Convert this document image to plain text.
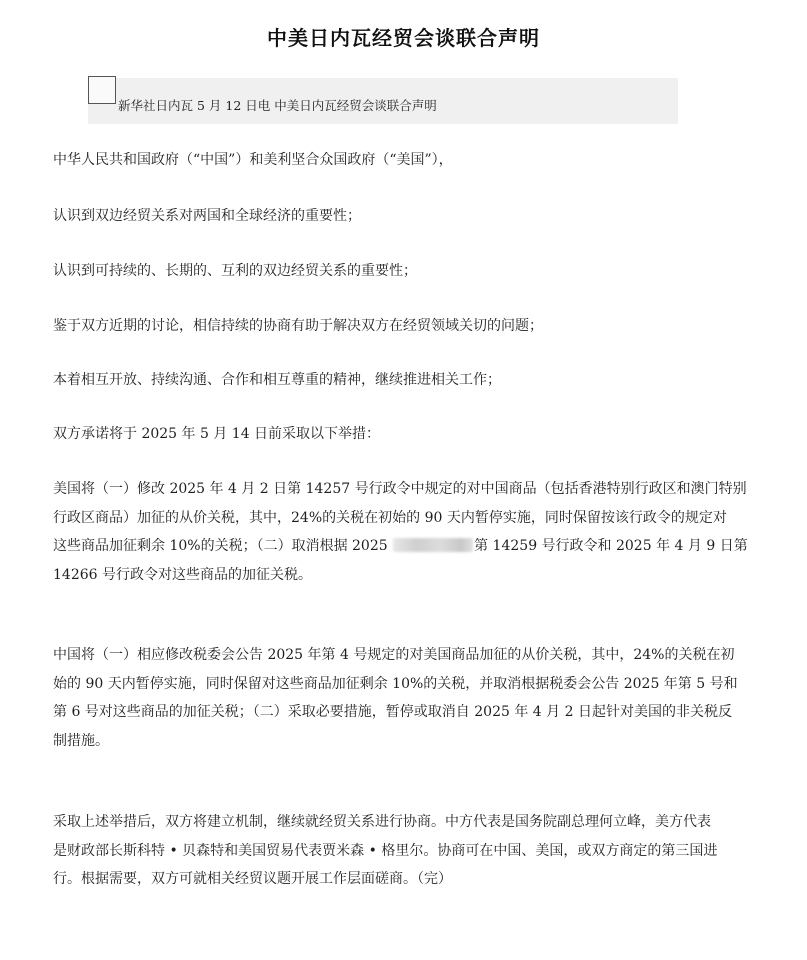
中美日内瓦经贸会谈联合声明
新华社日内瓦 5 月 12 日电 中美日内瓦经贸会谈联合声明
中华人民共和国政府（“中国”）和美利坚合众国政府（“美国”），
认识到双边经贸关系对两国和全球经济的重要性；
认识到可持续的、长期的、互利的双边经贸关系的重要性；
鉴于双方近期的讨论，相信持续的协商有助于解决双方在经贸领域关切的问题；
本着相互开放、持续沟通、合作和相互尊重的精神，继续推进相关工作；
双方承诺将于 2025 年 5 月 14 日前采取以下举措：
美国将（一）修改 2025 年 4 月 2 日第 14257 号行政令中规定的对中国商品（包括香港特别行政区和澳门特别
行政区商品）加征的从价关税，其中，24%的关税在初始的 90 天内暂停实施，同时保留按该行政令的规定对
这些商品加征剩余 10%的关税；（二）取消根据 2025	第 14259 号行政令和 2025 年 4 月 9 日第
14266 号行政令对这些商品的加征关税。
中国将（一）相应修改税委会公告 2025 年第 4 号规定的对美国商品加征的从价关税，其中，24%的关税在初
始的 90 天内暂停实施，同时保留对这些商品加征剩余 10%的关税，并取消根据税委会公告 2025 年第 5 号和
第 6 号对这些商品的加征关税；（二）采取必要措施，暂停或取消自 2025 年 4 月 2 日起针对美国的非关税反
制措施。
采取上述举措后，双方将建立机制，继续就经贸关系进行协商。中方代表是国务院副总理何立峰，美方代表
是财政部长斯科特 • 贝森特和美国贸易代表贾米森 • 格里尔。协商可在中国、美国，或双方商定的第三国进
行。根据需要，双方可就相关经贸议题开展工作层面磋商。（完）
